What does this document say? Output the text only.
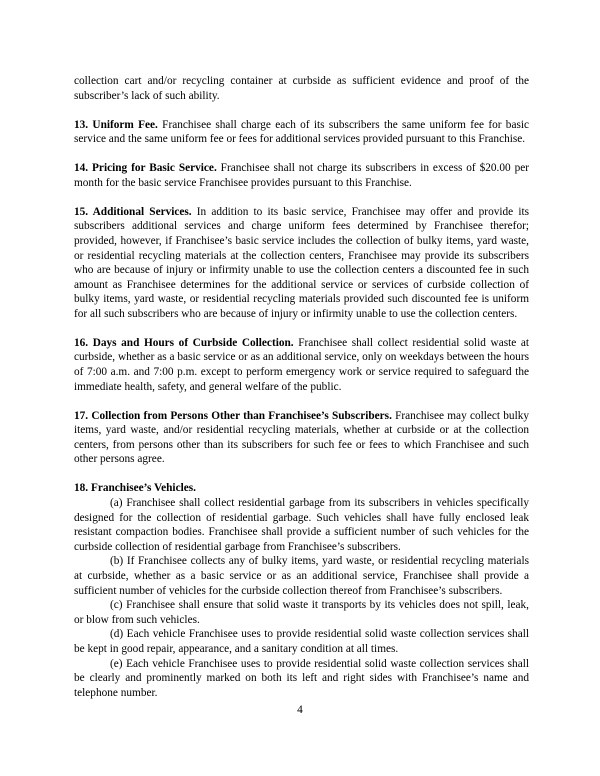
collection cart and/or recycling container at curbside as sufficient evidence and proof of the subscriber’s lack of such ability.

13. Uniform Fee. Franchisee shall charge each of its subscribers the same uniform fee for basic service and the same uniform fee or fees for additional services provided pursuant to this Franchise.

14. Pricing for Basic Service. Franchisee shall not charge its subscribers in excess of $20.00 per month for the basic service Franchisee provides pursuant to this Franchise.

15. Additional Services. In addition to its basic service, Franchisee may offer and provide its subscribers additional services and charge uniform fees determined by Franchisee therefor; provided, however, if Franchisee’s basic service includes the collection of bulky items, yard waste, or residential recycling materials at the collection centers, Franchisee may provide its subscribers who are because of injury or infirmity unable to use the collection centers a discounted fee in such amount as Franchisee determines for the additional service or services of curbside collection of bulky items, yard waste, or residential recycling materials provided such discounted fee is uniform for all such subscribers who are because of injury or infirmity unable to use the collection centers.

16. Days and Hours of Curbside Collection. Franchisee shall collect residential solid waste at curbside, whether as a basic service or as an additional service, only on weekdays between the hours of 7:00 a.m. and 7:00 p.m. except to perform emergency work or service required to safeguard the immediate health, safety, and general welfare of the public.

17. Collection from Persons Other than Franchisee’s Subscribers. Franchisee may collect bulky items, yard waste, and/or residential recycling materials, whether at curbside or at the collection centers, from persons other than its subscribers for such fee or fees to which Franchisee and such other persons agree.

18. Franchisee’s Vehicles.

(a) Franchisee shall collect residential garbage from its subscribers in vehicles specifically designed for the collection of residential garbage. Such vehicles shall have fully enclosed leak resistant compaction bodies. Franchisee shall provide a sufficient number of such vehicles for the curbside collection of residential garbage from Franchisee’s subscribers.

(b) If Franchisee collects any of bulky items, yard waste, or residential recycling materials at curbside, whether as a basic service or as an additional service, Franchisee shall provide a sufficient number of vehicles for the curbside collection thereof from Franchisee’s subscribers.

(c) Franchisee shall ensure that solid waste it transports by its vehicles does not spill, leak, or blow from such vehicles.

(d) Each vehicle Franchisee uses to provide residential solid waste collection services shall be kept in good repair, appearance, and a sanitary condition at all times.

(e) Each vehicle Franchisee uses to provide residential solid waste collection services shall be clearly and prominently marked on both its left and right sides with Franchisee’s name and telephone number.

4
